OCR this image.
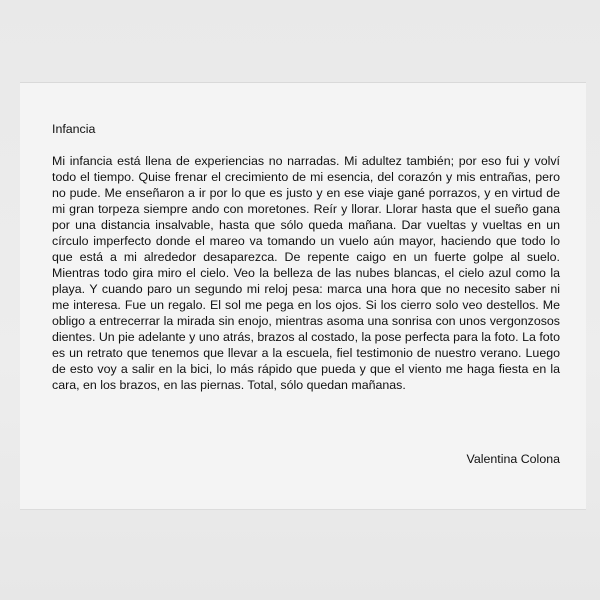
Infancia

Mi infancia está llena de experiencias no narradas. Mi adultez también; por eso fui y volví todo el tiempo. Quise frenar el crecimiento de mi esencia, del corazón y mis entrañas, pero no pude. Me enseñaron a ir por lo que es justo y en ese viaje gané porrazos, y en virtud de mi gran torpeza siempre ando con moretones. Reír y llorar. Llorar hasta que el sueño gana por una distancia insalvable, hasta que sólo queda mañana. Dar vueltas y vueltas en un círculo imperfecto donde el mareo va tomando un vuelo aún mayor, haciendo que todo lo que está a mi alrededor desaparezca. De repente caigo en un fuerte golpe al suelo. Mientras todo gira miro el cielo. Veo la belleza de las nubes blancas, el cielo azul como la playa. Y cuando paro un segundo mi reloj pesa: marca una hora que no necesito saber ni me interesa. Fue un regalo. El sol me pega en los ojos. Si los cierro solo veo destellos. Me obligo a entrecerrar la mirada sin enojo, mientras asoma una sonrisa con unos vergonzosos dientes. Un pie adelante y uno atrás, brazos al costado, la pose perfecta para la foto. La foto es un retrato que tenemos que llevar a la escuela, fiel testimonio de nuestro verano. Luego de esto voy a salir en la bici, lo más rápido que pueda y que el viento me haga fiesta en la cara, en los brazos, en las piernas. Total, sólo quedan mañanas.

Valentina Colona
